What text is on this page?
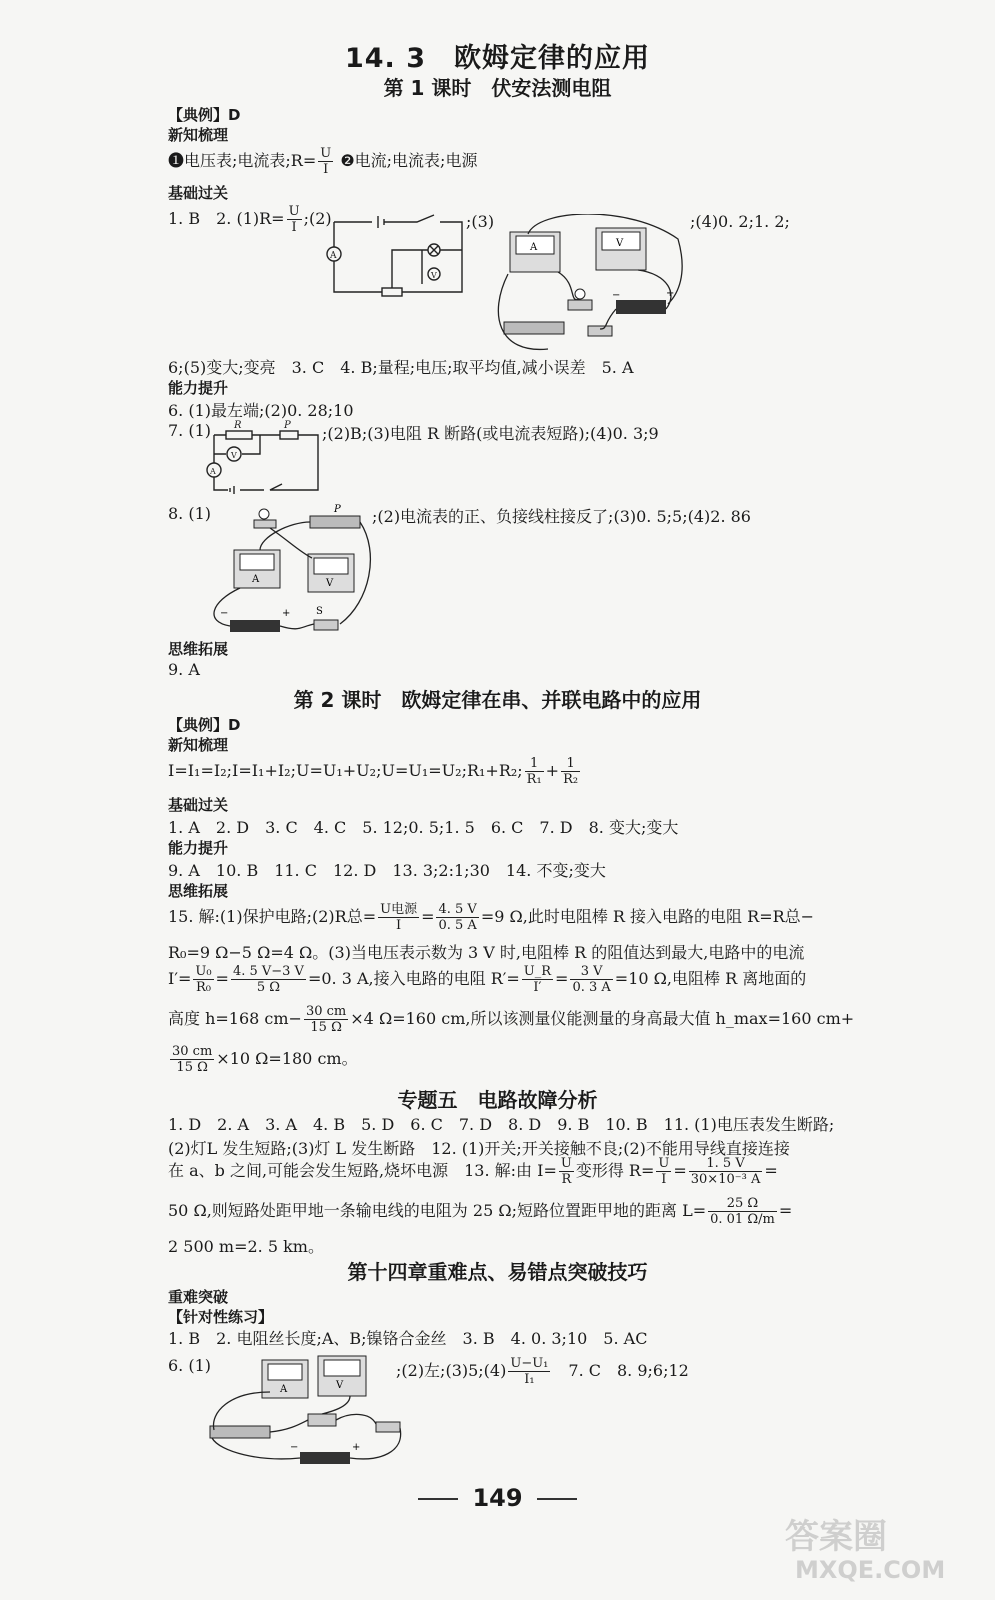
14. 3　欧姆定律的应用
第 1 课时　伏安法测电阻
【典例】D
新知梳理
❶电压表;电流表;R= $\frac{U}{I}$ ❷电流;电流表;电源
基础过关
1. B　2. $(1)R= \frac{U}{I}$ ;(2)	;(3)	;(4)0. 2;1. 2;
A
V
A	V
+
−
6;(5)变大;变亮　3. C　4. B;量程;电压;取平均值,减小误差　5. A
能力提升
6. (1)最左端;(2)0. 28;10
7. (1) R	P
V
A
;(2)B;(3)电阻 R 断路(或电流表短路);(4)0. 3;9
8. (1)	P
A	V
+
−	S
;(2)电流表的正、负接线柱接反了;(3)0. 5;5;(4)2. 86
思维拓展
9. A
第 2 课时　欧姆定律在串、并联电路中的应用
【典例】D
新知梳理
I=I₁=I₂;I=I₁+I₂;U=U₁+U₂;U=U₁=U₂;R₁+R₂; $\frac{1}{\text{R₁}} + \frac{1}{\text{R₂}}$
基础过关
1. A　2. D　3. C　4. C　5. 12;0. 5;1. 5　6. C　7. D　8. 变大;变大
能力提升
9. A　10. B　11. C　12. D　13. 3;2:1;30　14. 不变;变大
思维拓展
15. 解:(1)保护电路;(2)R总= $\frac{\text{U电源}}{I} = \frac{4. 5 V}{0. 5 A} =9$ Ω,此时电阻棒 R 接入电路的电阻 R=R总−
R₀=9 Ω−5 Ω=4 Ω。(3)当电压表示数为 3 V 时,电阻棒 R 的阻值达到最大,电路中的电流
$I'= \frac{\text{U₀}}{\text{R₀}} = \frac{4. 5 V-3 V}{5 \Omega} =0$. 3 A,接入电路的电阻 $R'= \frac{U\_R}{I'} = \frac{3 V}{0. 3 A} =10$ Ω,电阻棒 R 离地面的
高度 h=168 $cm- \frac{30 cm}{15 \Omega} \times 4$ Ω=160 cm,所以该测量仪能测量的身高最大值 h_max=160 cm+
$\frac{30 cm}{15 \Omega} \times 10$ Ω=180 cm。
专题五　电路故障分析
1. D　2. A　3. A　4. B　5. D　6. C　7. D　8. D　9. B　10. B　11. (1)电压表发生断路;
(2)灯L 发生短路;(3)灯 L 发生断路　12. (1)开关;开关接触不良;(2)不能用导线直接连接
在 a、b 之间,可能会发生短路,烧坏电源　13. 解:由 $I= \frac{U}{R}$ 变形得 $R= \frac{U}{I} = \frac{1. 5 V}{\text{30×10⁻³ A}}$ =
50 Ω,则短路处距甲地一条输电线的电阻为 25 Ω;短路位置距甲地的距离 $L= \frac{25 \Omega}{0. 01 \Omega/m}$ =
2 500 m=2. 5 km。
第十四章重难点、易错点突破技巧
重难突破
【针对性练习】
1. B　2. 电阻丝长度;A、B;镍铬合金丝　3. B　4. 0. 3;10　5. AC
6. (1)
A	V
−	+
;(2)左;(3)5;(4) $\frac{\text{U−U₁}}{\text{I₁}}$ 　7. C　8. 9;6;12
149
答案圈
MXQE.COM
